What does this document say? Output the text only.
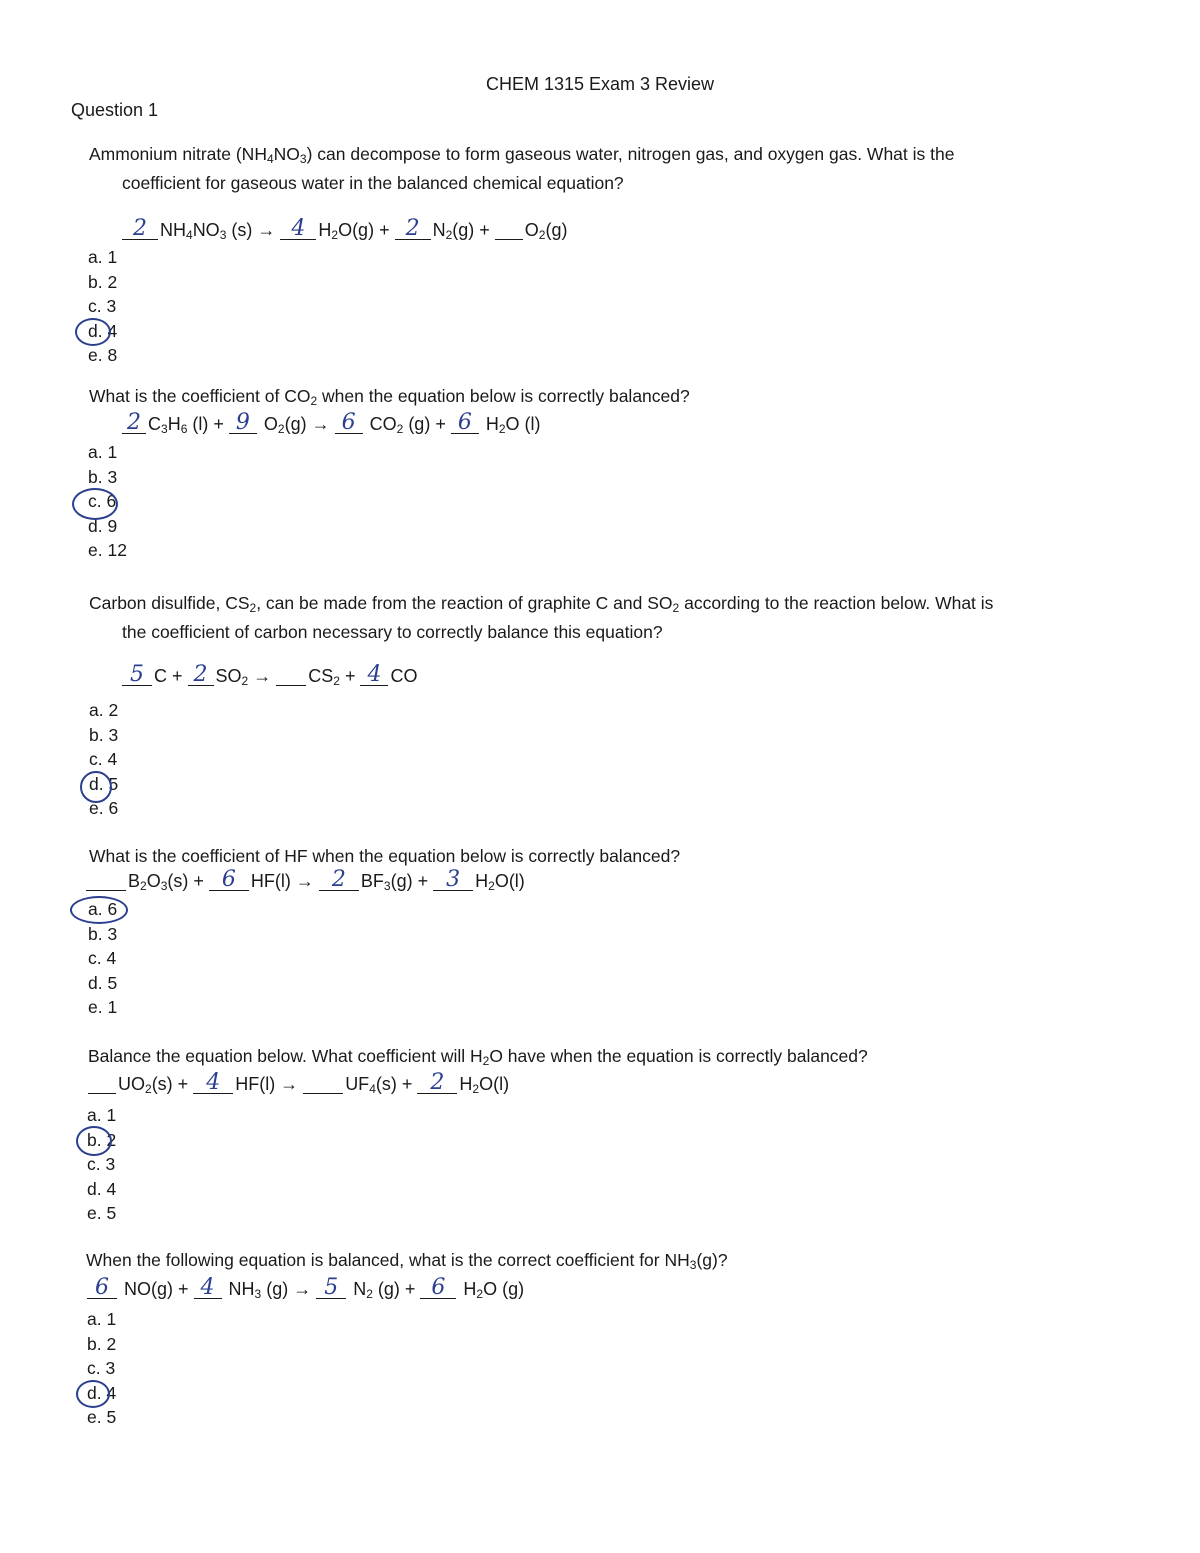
CHEM 1315 Exam 3 Review
Question 1
Ammonium nitrate $(NH_4NO_3)$ can decompose to form gaseous water, nitrogen gas, and oxygen gas. What is the
coefficient for gaseous water in the balanced chemical equation?
2 $NH_4NO_3$ (s) → 4 $H_2O(g) + 2$ $N_2(g) + O_2(g)$
a. 1
b. 2
c. 3
d. 4
e. 8
What is the coefficient of $CO_2$ when the equation below is correctly balanced?
2 $C_3H_6$ (l) + 9 $O_2(g) \to 6$ $CO_2$ (g) + 6 $H_2O$ (l)
a. 1
b. 3
c. 6
d. 9
e. 12
Carbon disulfide, $CS_2$, can be made from the reaction of graphite C and $SO_2$ according to the reaction below. What is
the coefficient of carbon necessary to correctly balance this equation?
5 C + 2 $SO_2 \to CS_2 + 4$ CO
a. 2
b. 3
c. 4
d. 5
e. 6
What is the coefficient of HF when the equation below is correctly balanced?
$B_2O_3(s) + 6$ HF(l) → 2 $BF_3(g) + 3$ $H_2O(l)$
a. 6
b. 3
c. 4
d. 5
e. 1
Balance the equation below. What coefficient will $H_2O$ have when the equation is correctly balanced?
$UO_2(s) + 4$ $HF(l) \to UF_4(s) + 2$ $H_2O(l)$
a. 1
b. 2
c. 3
d. 4
e. 5
When the following equation is balanced, what is the correct coefficient for $NH_3(g)$?
6 NO(g) + 4 $NH_3$ (g) → 5 $N_2$ (g) + 6 $H_2O$ (g)
a. 1
b. 2
c. 3
d. 4
e. 5
